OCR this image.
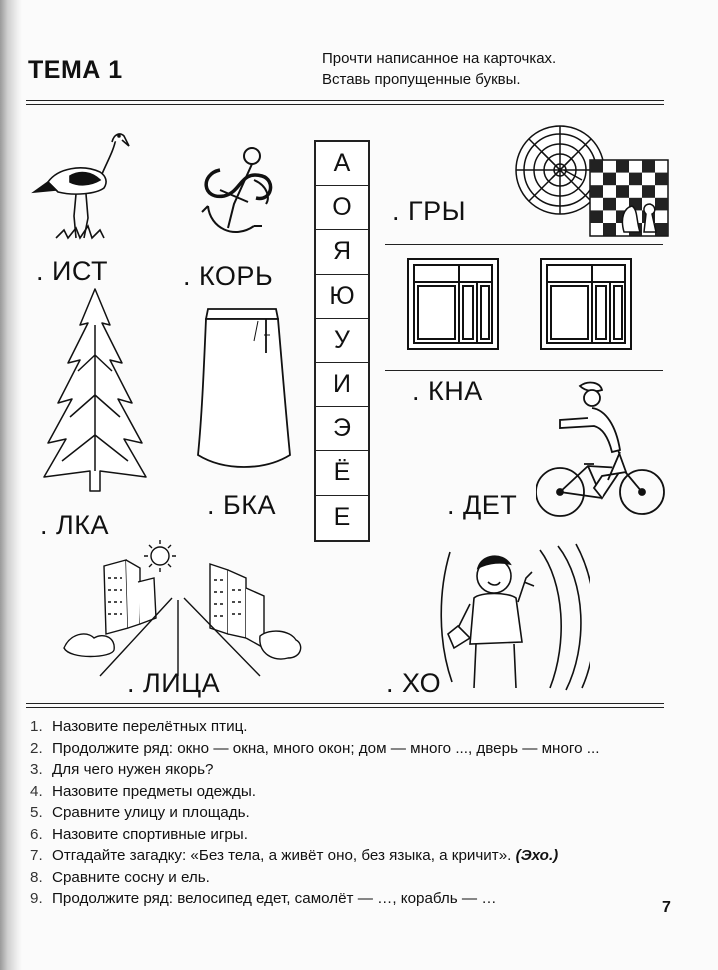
ТЕМА 1	Прочти написанное на карточках.
Вставь пропущенные буквы.
. ИСТ	. КОРЬ
А
О
Я
Ю
У
И
Э
Ё
Е
. ГРЫ
. КНА
. ЛКА
. БКА	. ДЕТ
. ЛИЦА	. ХО
1. Назовите перелётных птиц.
2. Продолжите ряд: окно — окна, много окон; дом — много ..., дверь — много ...
3. Для чего нужен якорь?
4. Назовите предметы одежды.
5. Сравните улицу и площадь.
6. Назовите спортивные игры.
7. Отгадайте загадку: «Без тела, а живёт оно, без языка, а кричит». (Эхо.)
8. Сравните сосну и ель.
9. Продолжите ряд: велосипед едет, самолёт — …, корабль — …
7
